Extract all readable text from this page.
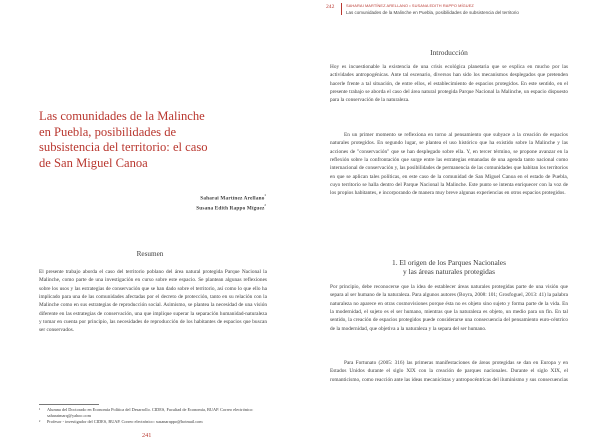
Las comunidades de la Malinche en Puebla, posibilidades de subsistencia del territorio: el caso de San Miguel Canoa
Saharai Martínez Arellano$^{^1}$
Susana Edith Rappo Míguez$^{^2}$
Resumen

El presente trabajo aborda el caso del territorio poblano del área natural protegida Parque Nacional la Malinche, como parte de una investigación en curso sobre este espacio. Se plantean algunas reflexiones sobre los usos y las estrategias de conservación que se han dado sobre el territorio, así como lo que ello ha implicado para una de las comunidades afectadas por el decreto de protección, tanto en su relación con la Malinche como en sus estrategias de reproducción social. Asimismo, se plantea la necesidad de una visión diferente en las estrategias de conservación, una que implique superar la separación humanidad-naturaleza y tomar en cuenta por principio, las necesidades de reproducción de los habitantes de espacios que buscan ser conservados.

¹	Alumna del Doctorado en Economía Política del Desarrollo. CIDES, Facultad de Economía, BUAP. Correo electrónico: saharaimarq@yahoo.com
²	Profesor - investigador del CIDES, BUAP. Correo electrónico: susanarappo@hotmail.com
241
242	SAHARAI MARTÍNEZ ARELLANO • SUSANA EDITH RAPPO MÍGUEZ
Las comunidades de la Malinche en Puebla, posibilidades de subsistencia del territorio
Introducción

Hoy es incuestionable la existencia de una crisis ecológica planetaria que se explica en mucho por las actividades antropogénicas. Ante tal escenario, diversos han sido los mecanismos desplegados que pretenden hacerle frente a tal situación, de entre ellos, el establecimiento de espacios protegidos. En este sentido, en el presente trabajo se aborda el caso del área natural protegida Parque Nacional la Malinche, un espacio dispuesto para la conservación de la naturaleza.

En un primer momento se reflexiona en torno al pensamiento que subyace a la creación de espacios naturales protegidos. En segundo lugar, se plantea el uso histórico que ha existido sobre la Malinche y las acciones de "conservación" que se han desplegado sobre ella. Y, en tercer término, se propone avanzar en la reflexión sobre la confrontación que surge entre las estrategias emanadas de una agenda tanto nacional como internacional de conservación y, las posibilidades de permanencia de las comunidades que habitan los territorios en que se aplican tales políticas, en este caso de la comunidad de San Miguel Canoa en el estado de Puebla, cuyo territorio se halla dentro del Parque Nacional la Malinche. Este punto se intenta enriquecer con la voz de los propios habitantes, e incorporando de manera muy breve algunas experiencias en otros espacios protegidos.

1. El origen de los Parques Nacionales
y las áreas naturales protegidas

Por principio, debe reconocerse que la idea de establecer áreas naturales protegidas parte de una visión que separa al ser humano de la naturaleza. Para algunos autores (Boyra, 2008: 101; Grosfoguel, 2013: 41) la palabra naturaleza no aparece en otras cosmovisiones porque ésta no es objeto sino sujeto y forma parte de la vida. En la modernidad, el sujeto es el ser humano, mientras que la naturaleza es objeto, un medio para un fin. En tal sentido, la creación de espacios protegidos puede considerarse una consecuencia del pensamiento euro-céntrico de la modernidad, que objetiva a la naturaleza y la separa del ser humano.

Para Fortunato (2005: 316) las primeras manifestaciones de áreas protegidas se dan en Europa y en Estados Unidos durante el siglo XIX con la creación de parques nacionales. Durante el siglo XIX, el romanticismo, como reacción ante las ideas mecanicistas y antropocéntricas del iluminismo y sus consecuencias
